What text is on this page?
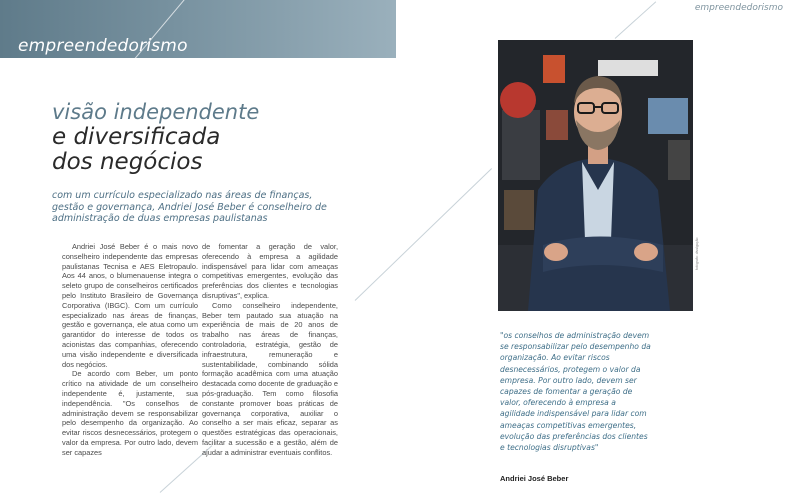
empreendedorismo
empreendedorismo
visão independente
e diversificada
dos negócios
com um currículo especializado nas áreas de finanças, gestão e governança, Andriei José Beber é conselheiro de administração de duas empresas paulistanas

Andriei José Beber é o mais novo conselheiro independente das empresas paulistanas Tecnisa e AES Eletropaulo. Aos 44 anos, o blumenauense integra o seleto grupo de conselheiros certificados pelo Instituto Brasileiro de Governança Corporativa (IBGC). Com um currículo especializado nas áreas de finanças, gestão e governança, ele atua como um garantidor do interesse de todos os acionistas das companhias, oferecendo uma visão independente e diversificada dos negócios.

De acordo com Beber, um ponto crítico na atividade de um conselheiro independente é, justamente, sua independência. "Os conselhos de administração devem se responsabilizar pelo desempenho da organização. Ao evitar riscos desnecessários, protegem o valor da empresa. Por outro lado, devem ser capazes

de fomentar a geração de valor, oferecendo à empresa a agilidade indispensável para lidar com ameaças competitivas emergentes, evolução das preferências dos clientes e tecnologias disruptivas", explica.

Como conselheiro independente, Beber tem pautado sua atuação na experiência de mais de 20 anos de trabalho nas áreas de finanças, controladoria, estratégia, gestão de infraestrutura, remuneração e sustentabilidade, combinando sólida formação acadêmica com uma atuação destacada como docente de graduação e pós-graduação. Tem como filosofia constante promover boas práticas de governança corporativa, auxiliar o conselho a ser mais eficaz, separar as questões estratégicas das operacionais, facilitar a sucessão e a gestão, além de ajudar a administrar eventuais conflitos.

fotógrafo: divulgação
"os conselhos de administração devem se responsabilizar pelo desempenho da organização. Ao evitar riscos desnecessários, protegem o valor da empresa. Por outro lado, devem ser capazes de fomentar a geração de valor, oferecendo à empresa a agilidade indispensável para lidar com ameaças competitivas emergentes, evolução das preferências dos clientes e tecnologias disruptivas"
Andriei José Beber
